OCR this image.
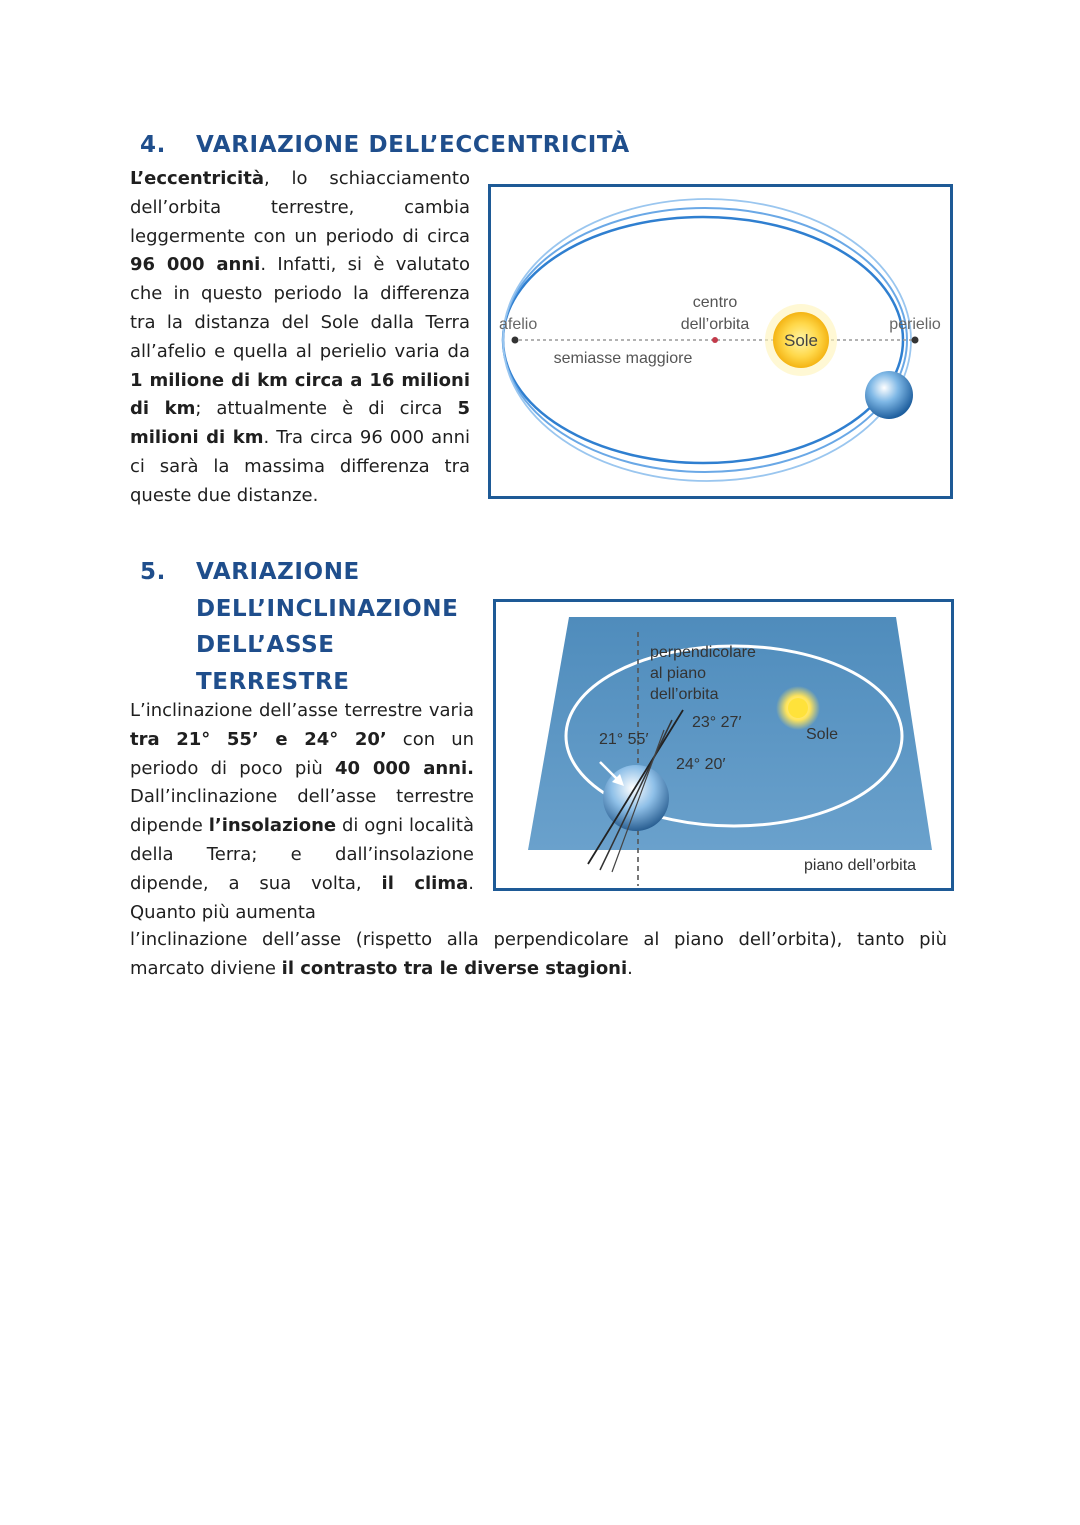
4. VARIAZIONE DELL’ECCENTRICITÀ

L’eccentricità, lo schiacciamento dell’orbita terrestre, cambia leggermente con un periodo di circa 96 000 anni. Infatti, si è valutato che in questo periodo la differenza tra la distanza del Sole dalla Terra all’afelio e quella al perielio varia da 1 milione di km circa a 16 milioni di km; attualmente è di circa 5 milioni di km. Tra circa 96 000 anni ci sarà la massima differenza tra queste due distanze.

afelio
centro
dell’orbita
Sole
perielio
semiasse maggiore
5.	VARIAZIONE
DELL’INCLINAZIONE
DELL’ASSE
TERRESTRE

L’inclinazione dell’asse terrestre varia tra 21° 55’ e 24° 20’ con un periodo di poco più 40 000 anni. Dall’inclinazione dell’asse terrestre dipende l’insolazione di ogni località della Terra; e dall’insolazione dipende, a sua volta, il clima. Quanto più aumenta

l’inclinazione dell’asse (rispetto alla perpendicolare al piano dell’orbita), tanto più marcato diviene il contrasto tra le diverse stagioni.

perpendicolare
al piano
dell’orbita
23° 27′
21° 55′
24° 20′
Sole
piano dell’orbita
